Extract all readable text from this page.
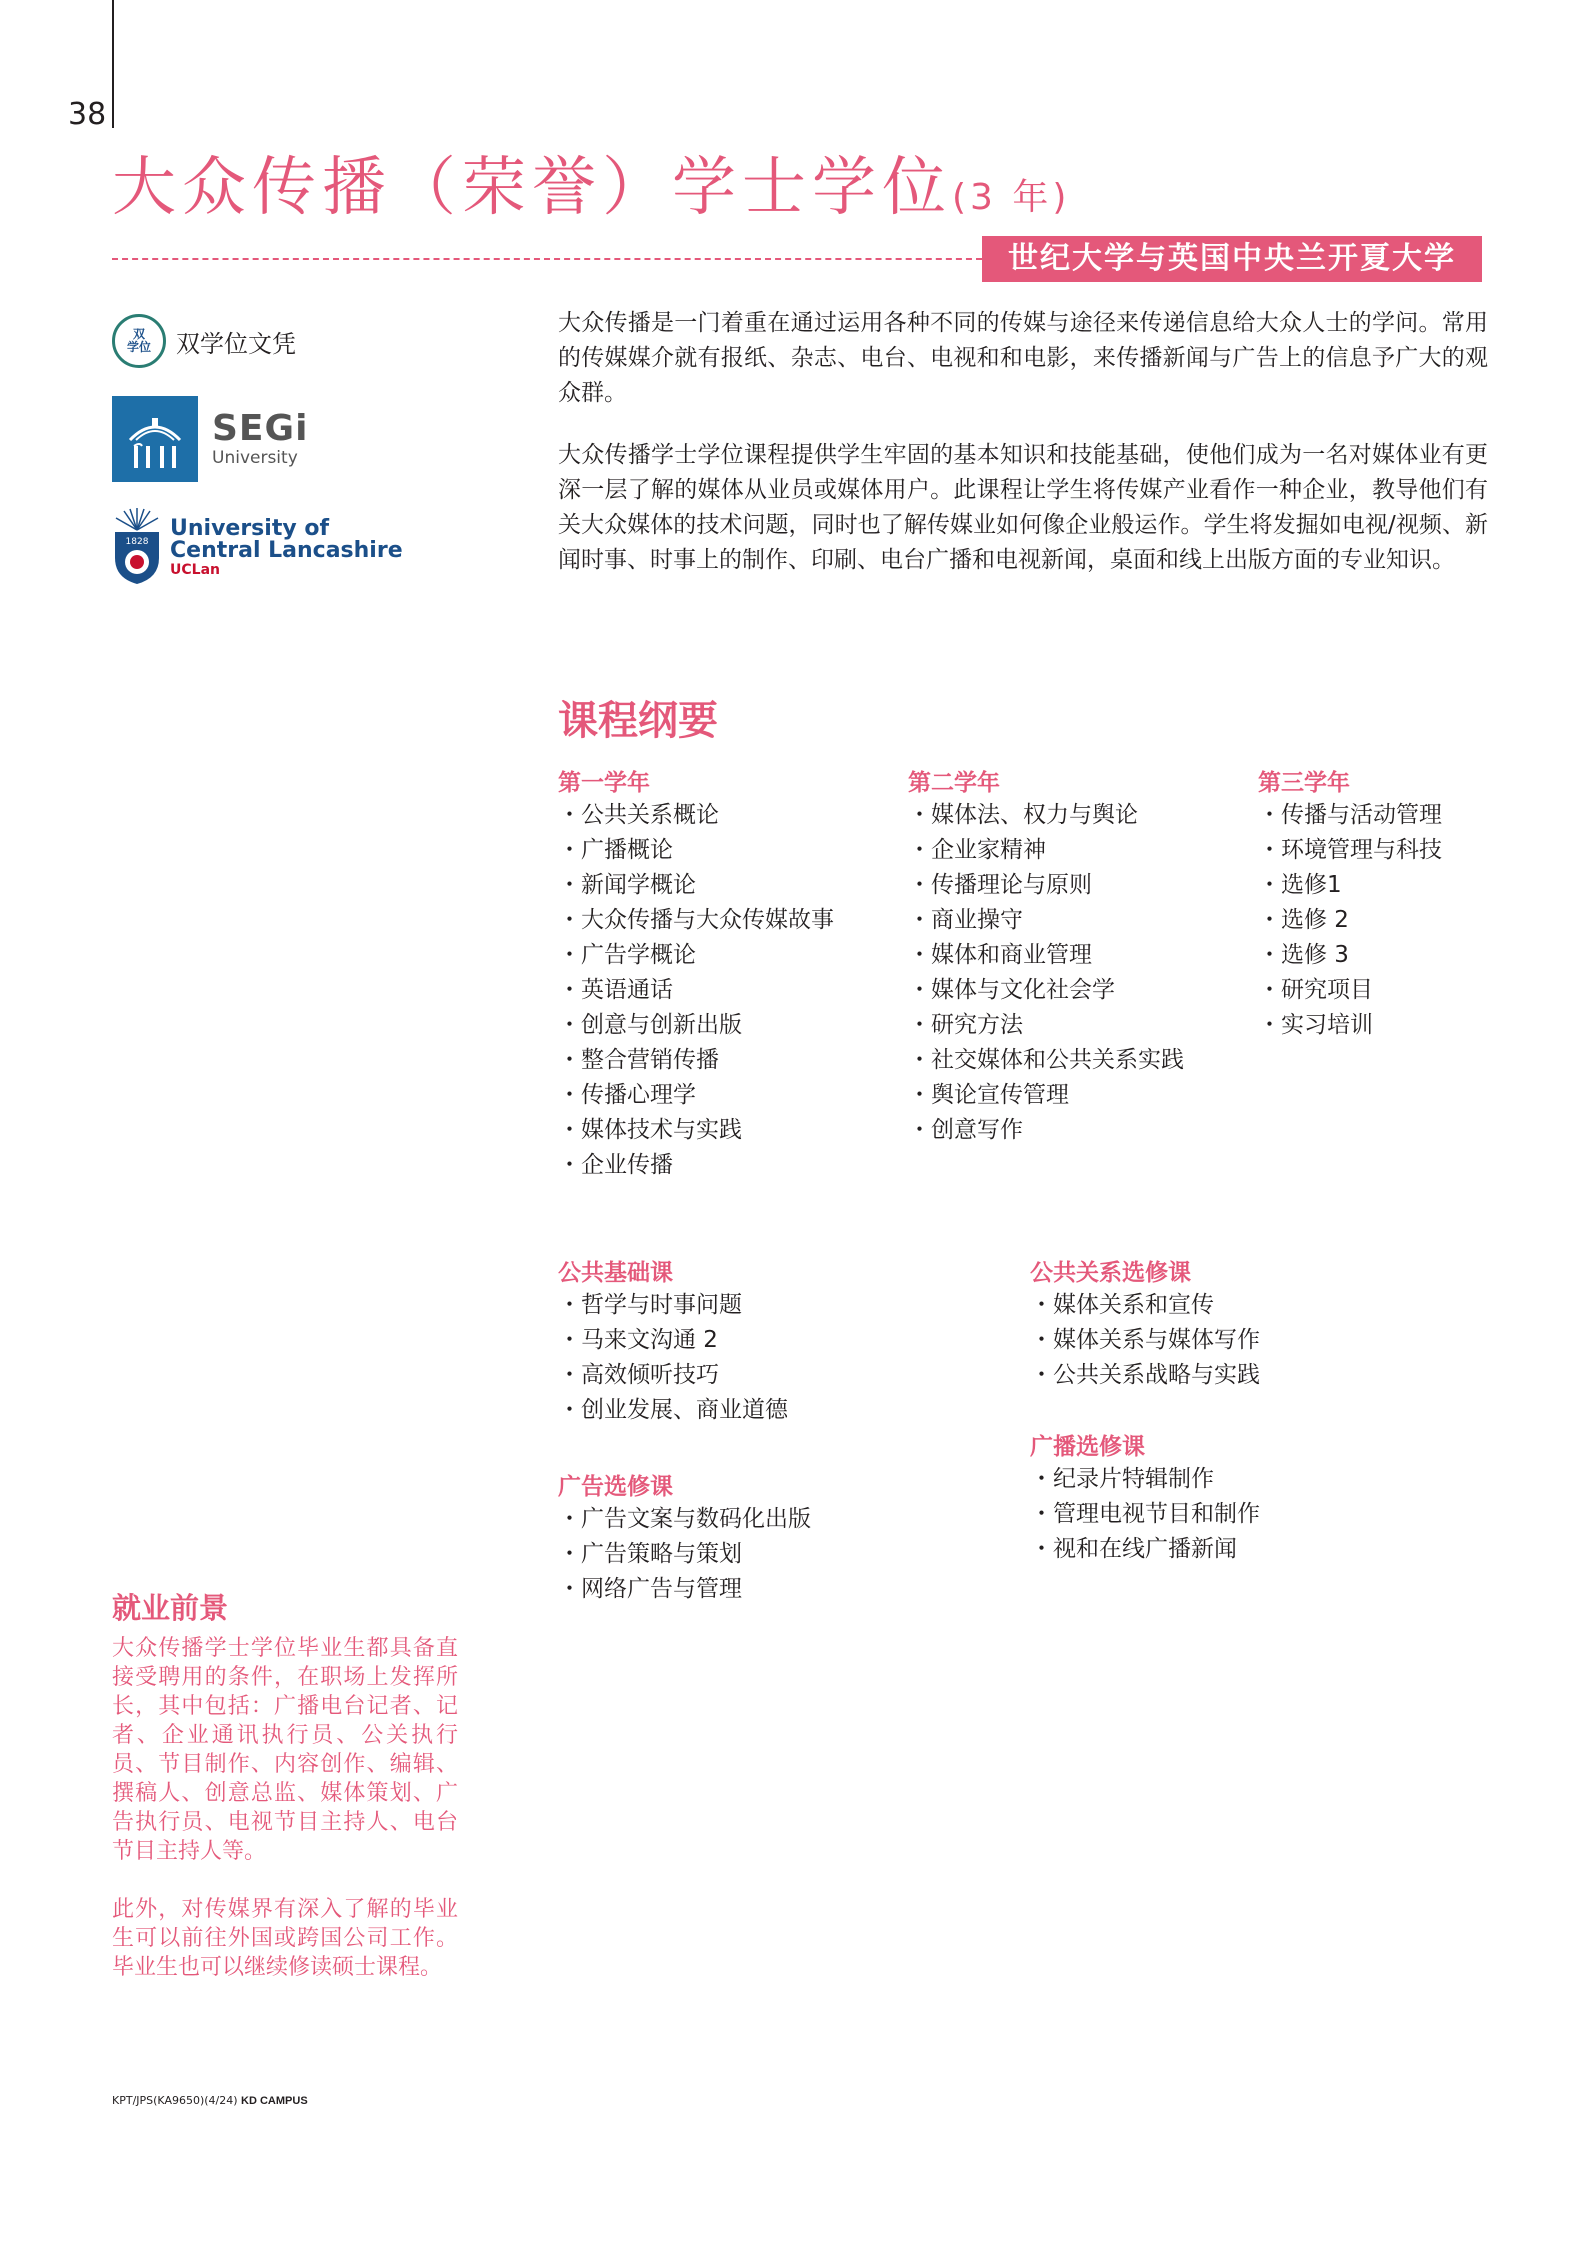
38
大众传播（荣誉）学士学位(3 年)
世纪大学与英国中央兰开夏大学
双
学位 双学位文凭
SEGi
University
1828
University of
Central Lancashire
UCLan

大众传播是一门着重在通过运用各种不同的传媒与途径来传递信息给大众人士的学问。常用的传媒媒介就有报纸、杂志、电台、电视和和电影，来传播新闻与广告上的信息予广大的观众群。

大众传播学士学位课程提供学生牢固的基本知识和技能基础，使他们成为一名对媒体业有更深一层了解的媒体从业员或媒体用户。此课程让学生将传媒产业看作一种企业，教导他们有关大众媒体的技术问题，同时也了解传媒业如何像企业般运作。学生将发掘如电视/视频、新闻时事、时事上的制作、印刷、电台广播和电视新闻，桌面和线上出版方面的专业知识。

课程纲要
第一学年
・ 公共关系概论
・ 广播概论
・ 新闻学概论
・ 大众传播与大众传媒故事
・ 广告学概论
・ 英语通话
・ 创意与创新出版
・ 整合营销传播
・ 传播心理学
・ 媒体技术与实践
・ 企业传播
第二学年
・ 媒体法、权力与舆论
・ 企业家精神
・ 传播理论与原则
・ 商业操守
・ 媒体和商业管理
・ 媒体与文化社会学
・ 研究方法
・ 社交媒体和公共关系实践
・ 舆论宣传管理
・ 创意写作
第三学年
・ 传播与活动管理
・ 环境管理与科技
・ 选修1
・ 选修 2
・ 选修 3
・ 研究项目
・ 实习培训
公共基础课
・ 哲学与时事问题
・ 马来文沟通 2
・ 高效倾听技巧
・ 创业发展、商业道德
公共关系选修课
・ 媒体关系和宣传
・ 媒体关系与媒体写作
・ 公共关系战略与实践
广告选修课
・ 广告文案与数码化出版
・ 广告策略与策划
・ 网络广告与管理
广播选修课
・ 纪录片特辑制作
・ 管理电视节目和制作
・ 视和在线广播新闻
就业前景

大众传播学士学位毕业生都具备直接受聘用的条件，在职场上发挥所长，其中包括：广播电台记者、记者、企业通讯执行员、公关执行员、节目制作、内容创作、编辑、撰稿人、创意总监、媒体策划、广告执行员、电视节目主持人、电台节目主持人等。

此外，对传媒界有深入了解的毕业生可以前往外国或跨国公司工作。毕业生也可以继续修读硕士课程。

KPT/JPS(KA9650)(4/24) KD CAMPUS
